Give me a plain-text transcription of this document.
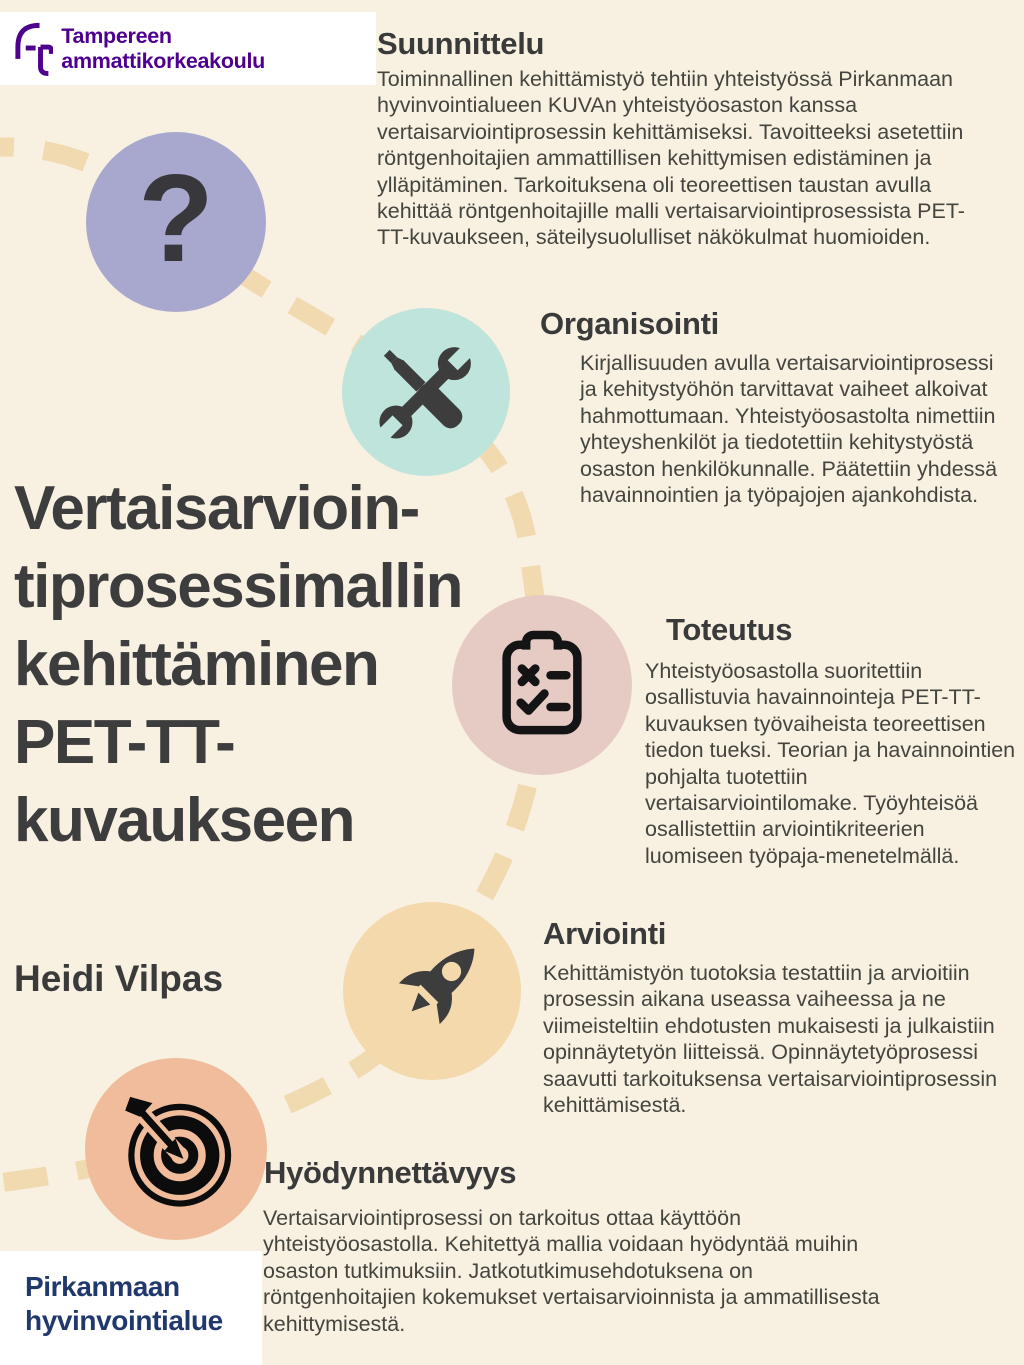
Tampereen ammattikorkeakoulu	Suunnittelu

Toiminnallinen kehittämistyö tehtiin yhteistyössä Pirkanmaan hyvinvointialueen KUVAn yhteistyöosaston kanssa vertaisarviointiprosessin kehittämiseksi. Tavoitteeksi asetettiin röntgenhoitajien ammattillisen kehittymisen edistäminen ja ylläpitäminen. Tarkoituksena oli teoreettisen taustan avulla kehittää röntgenhoitajille malli vertaisarviointiprosessista PET-TT-kuvaukseen, säteilysuolulliset näkökulmat huomioiden.

?
Organisointi

Kirjallisuuden avulla vertaisarviointiprosessi ja kehitystyöhön tarvittavat vaiheet alkoivat hahmottumaan. Yhteistyöosastolta nimettiin yhteyshenkilöt ja tiedotettiin kehitystyöstä osaston henkilökunnalle. Päätettiin yhdessä havainnointien ja työpajojen ajankohdista.

Toteutus

Yhteistyöosastolla suoritettiin osallistuvia havainnointeja PET-TT-kuvauksen työvaiheista teoreettisen tiedon tueksi. Teorian ja havainnointien pohjalta tuotettiin vertaisarviointilomake. Työyhteisöä osallistettiin arviointikriteerien luomiseen työpaja-menetelmällä.

Arviointi

Kehittämistyön tuotoksia testattiin ja arvioitiin prosessin aikana useassa vaiheessa ja ne viimeisteltiin ehdotusten mukaisesti ja julkaistiin opinnäytetyön liitteissä. Opinnäytetyöprosessi saavutti tarkoituksensa vertaisarviointiprosessin kehittämisestä.

Hyödynnettävyys

Vertaisarviointiprosessi on tarkoitus ottaa käyttöön yhteistyöosastolla. Kehitettyä mallia voidaan hyödyntää muihin osaston tutkimuksiin. Jatkotutkimusehdotuksena on röntgenhoitajien kokemukset vertaisarvioinnista ja ammatillisesta kehittymisestä.

Vertaisarvioin-
tiprosessimallin
kehittäminen
PET-TT-
kuvaukseen
Heidi Vilpas
Pirkanmaan
hyvinvointialue
